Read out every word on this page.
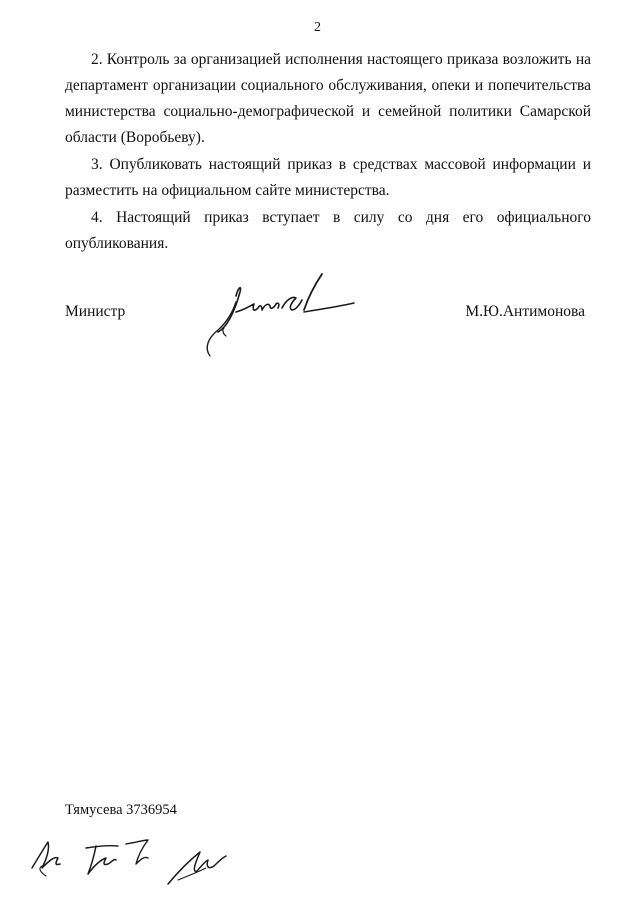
2

2. Контроль за организацией исполнения настоящего приказа возложить на департамент организации социального обслуживания, опеки и попечительства министерства социально-демографической и семейной политики Самарской области (Воробьеву).

3. Опубликовать настоящий приказ в средствах массовой информации и разместить на официальном сайте министерства.

4. Настоящий приказ вступает в силу со дня его официального опубликования.

Министр	М.Ю.Антимонова
Тямусева 3736954
